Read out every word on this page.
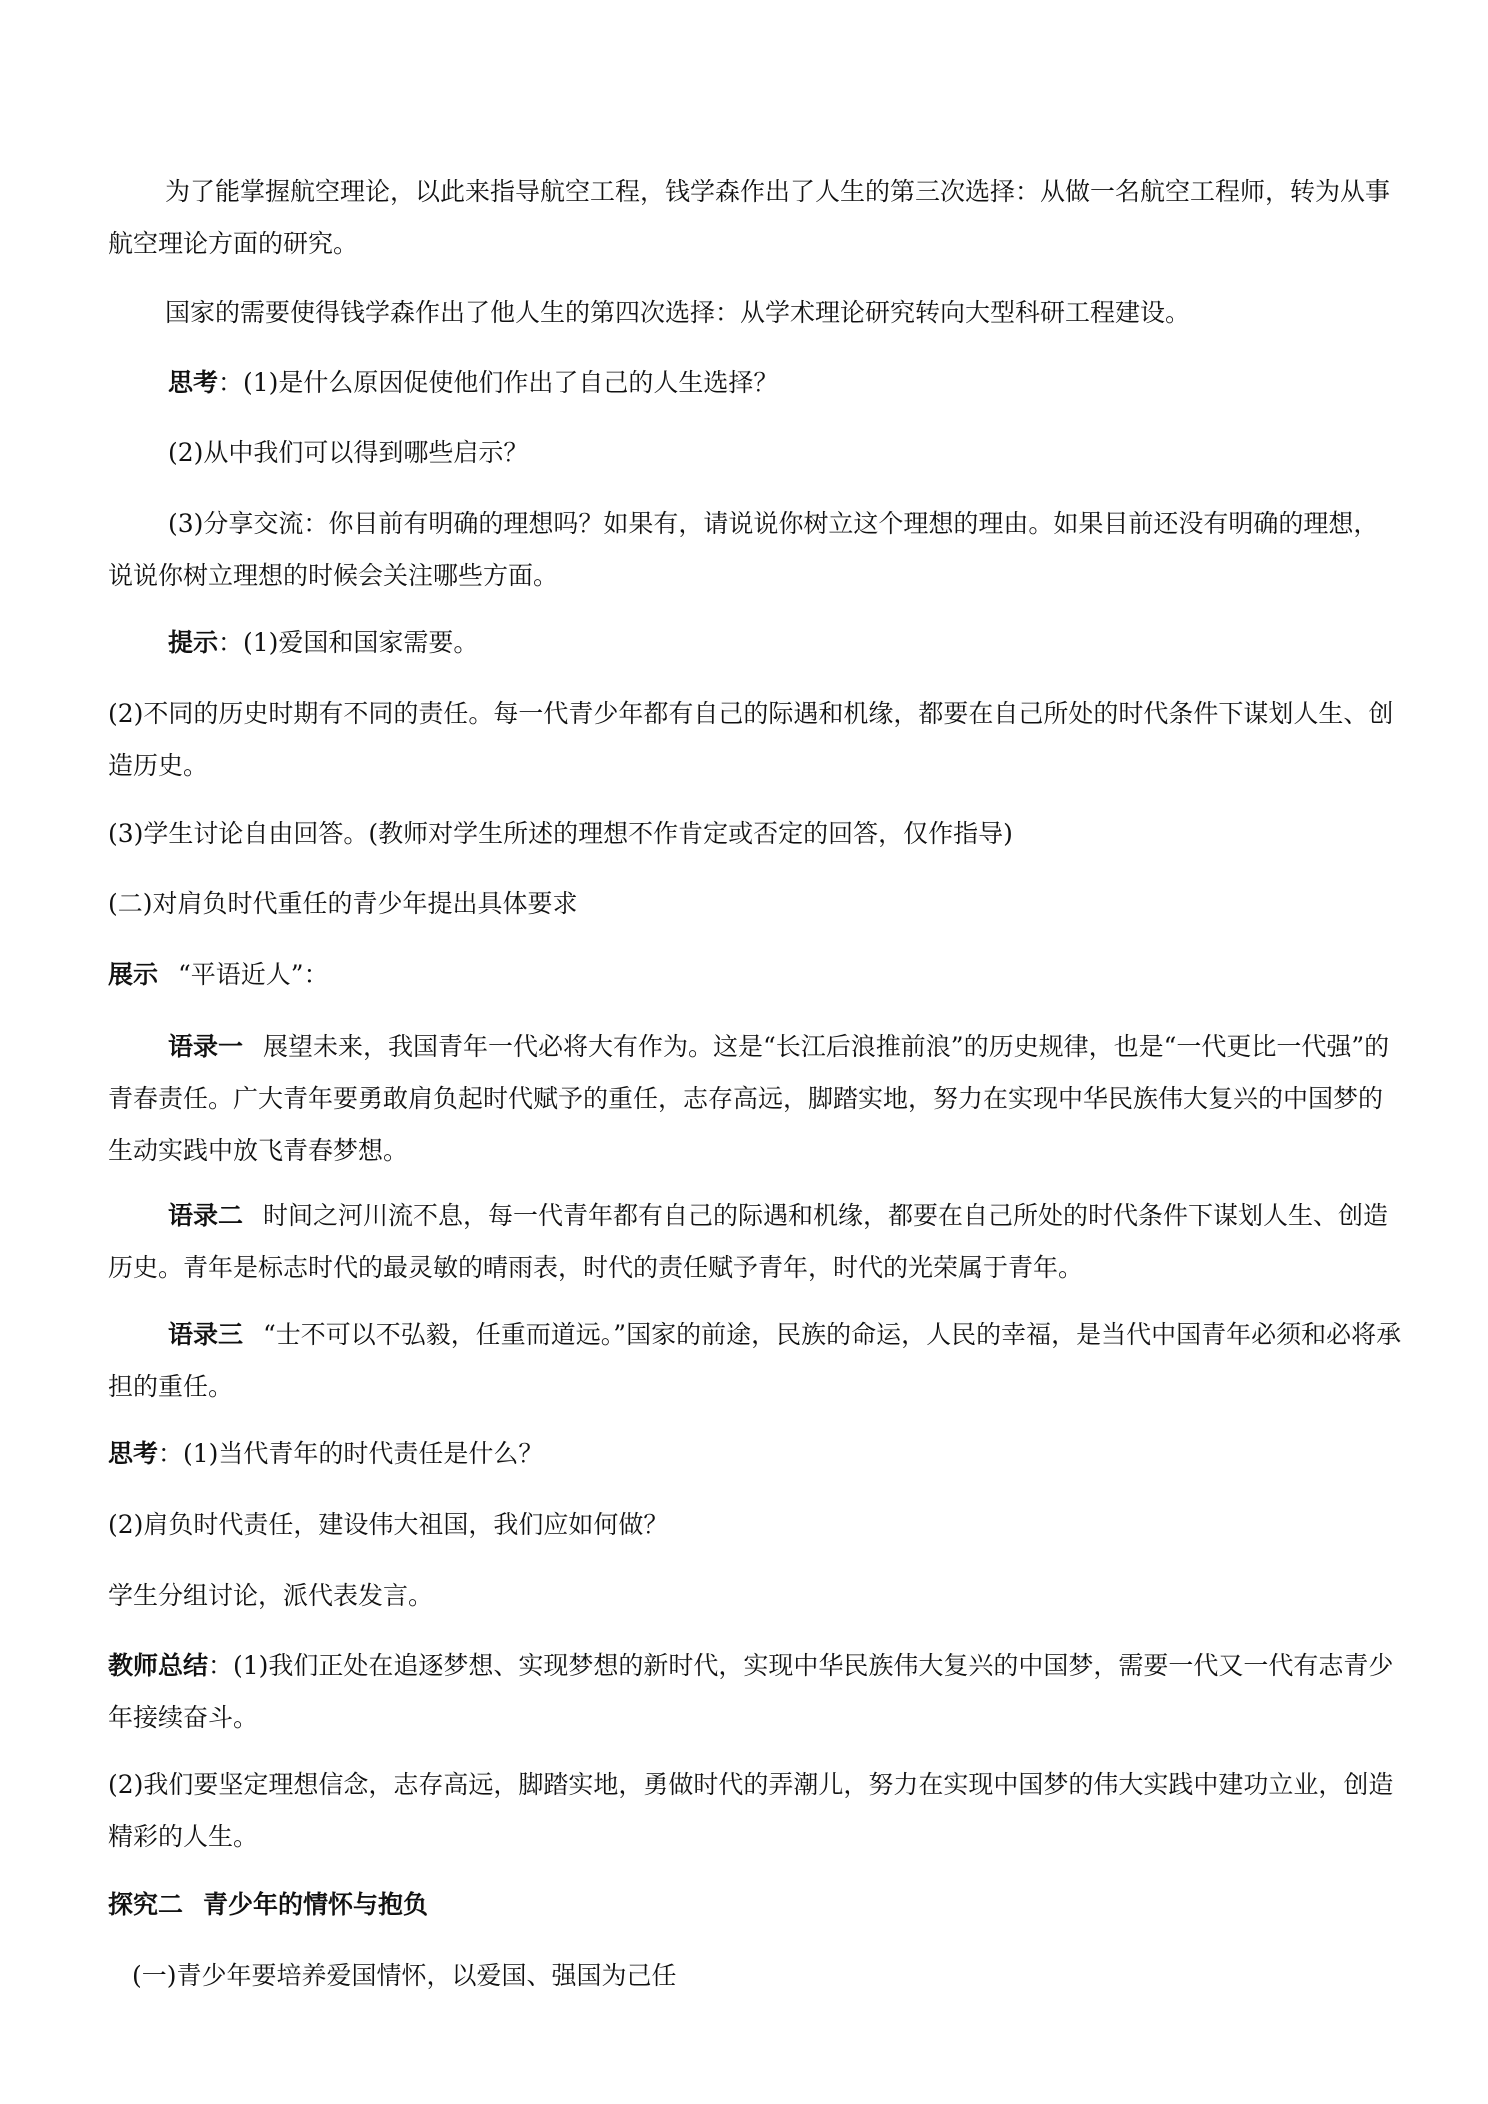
为了能掌握航空理论，以此来指导航空工程，钱学森作出了人生的第三次选择：从做一名航空工程师，转为从事航空理论方面的研究。

国家的需要使得钱学森作出了他人生的第四次选择：从学术理论研究转向大型科研工程建设。

思考：(1)是什么原因促使他们作出了自己的人生选择？

(2)从中我们可以得到哪些启示？

(3)分享交流：你目前有明确的理想吗？如果有，请说说你树立这个理想的理由。如果目前还没有明确的理想，说说你树立理想的时候会关注哪些方面。

提示：(1)爱国和国家需要。

(2)不同的历史时期有不同的责任。每一代青少年都有自己的际遇和机缘，都要在自己所处的时代条件下谋划人生、创造历史。

(3)学生讨论自由回答。(教师对学生所述的理想不作肯定或否定的回答，仅作指导)

(二)对肩负时代重任的青少年提出具体要求

展示 “平语近人”：

语录一 展望未来，我国青年一代必将大有作为。这是“长江后浪推前浪”的历史规律，也是“一代更比一代强”的青春责任。广大青年要勇敢肩负起时代赋予的重任，志存高远，脚踏实地，努力在实现中华民族伟大复兴的中国梦的生动实践中放飞青春梦想。

语录二 时间之河川流不息，每一代青年都有自己的际遇和机缘，都要在自己所处的时代条件下谋划人生、创造历史。青年是标志时代的最灵敏的晴雨表，时代的责任赋予青年，时代的光荣属于青年。

语录三 “士不可以不弘毅，任重而道远。”国家的前途，民族的命运，人民的幸福，是当代中国青年必须和必将承担的重任。

思考：(1)当代青年的时代责任是什么？

(2)肩负时代责任，建设伟大祖国，我们应如何做？

学生分组讨论，派代表发言。

教师总结：(1)我们正处在追逐梦想、实现梦想的新时代，实现中华民族伟大复兴的中国梦，需要一代又一代有志青少年接续奋斗。

(2)我们要坚定理想信念，志存高远，脚踏实地，勇做时代的弄潮儿，努力在实现中国梦的伟大实践中建功立业，创造精彩的人生。

探究二 青少年的情怀与抱负

(一)青少年要培养爱国情怀，以爱国、强国为己任
